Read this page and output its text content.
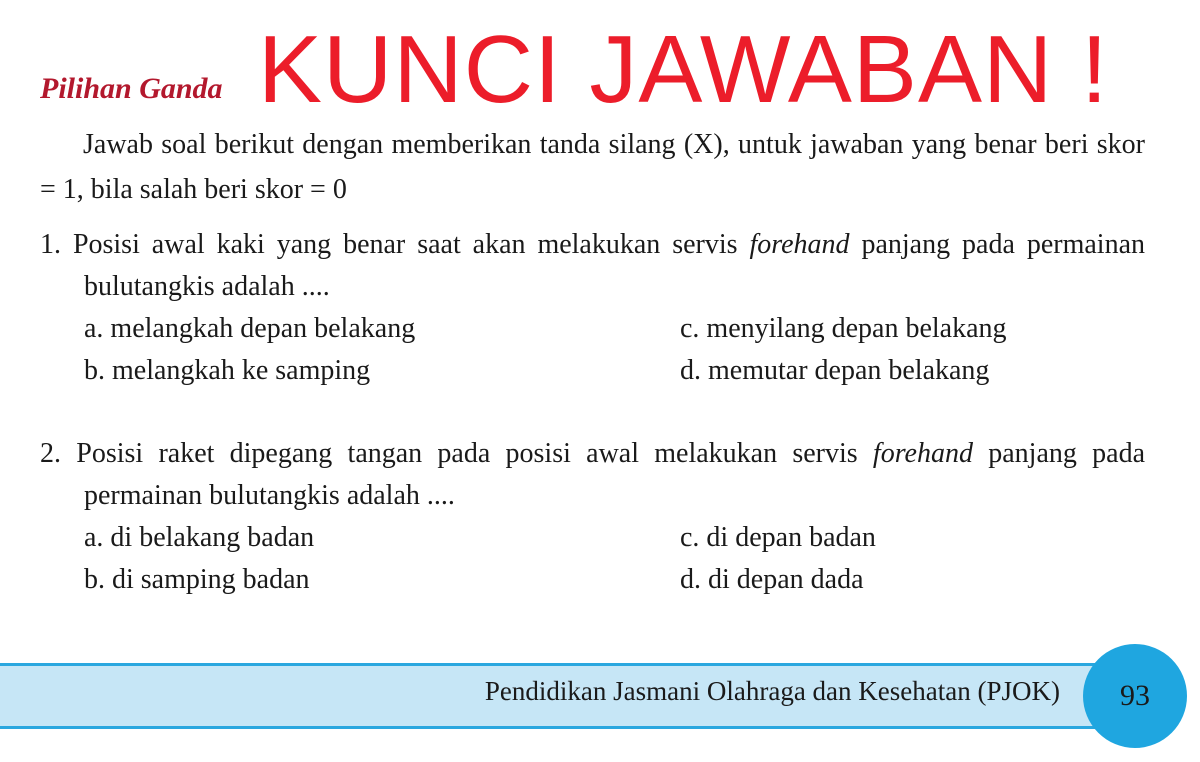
Pilihan Ganda KUNCI JAWABAN !
Jawab soal berikut dengan memberikan tanda silang (X), untuk jawaban yang benar beri skor = 1, bila salah beri skor = 0
1. Posisi awal kaki yang benar saat akan melakukan servis forehand panjang pada permainan bulutangkis adalah ....
a. melangkah depan belakang
b. melangkah ke samping
c. menyilang depan belakang
d. memutar depan belakang
2. Posisi raket dipegang tangan pada posisi awal melakukan servis forehand panjang pada permainan bulutangkis adalah ....
a. di belakang badan
b. di samping badan
c. di depan badan
d. di depan dada
Pendidikan Jasmani Olahraga dan Kesehatan (PJOK) 93
